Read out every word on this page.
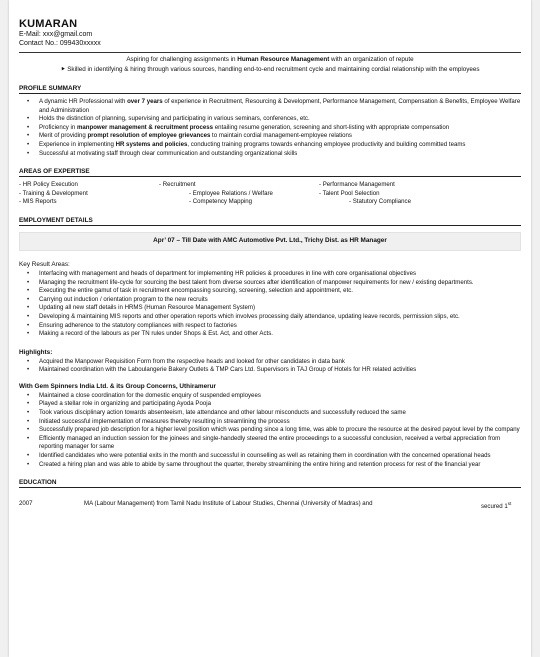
KUMARAN
E-Mail: xxx@gmail.com
Contact No.: 099430xxxxx
Aspiring for challenging assignments in Human Resource Management with an organization of repute
⯈ Skilled in identifying & hiring through various sources, handling end-to-end recruitment cycle and maintaining cordial relationship with the employees
PROFILE SUMMARY
• A dynamic HR Professional with over 7 years of experience in Recruitment, Resourcing & Development, Performance Management, Compensation & Benefits, Employee Welfare and Administration
• Holds the distinction of planning, supervising and participating in various seminars, conferences, etc.
• Proficiency in manpower management & recruitment process entailing resume generation, screening and short-listing with appropriate compensation
• Merit of providing prompt resolution of employee grievances to maintain cordial management-employee relations
• Experience in implementing HR systems and policies, conducting training programs towards enhancing employee productivity and building committed teams
• Successful at motivating staff through clear communication and outstanding organizational skills
AREAS OF EXPERTISE
- HR Policy Execution	- Recruitment	- Performance Management
- Training & Development	- Employee Relations / Welfare	- Talent Pool Selection
- MIS Reports	- Competency Mapping	- Statutory Compliance
EMPLOYMENT DETAILS
Apr’ 07 – Till Date with AMC Automotive Pvt. Ltd., Trichy Dist. as HR Manager
Key Result Areas:
• Interfacing with management and heads of department for implementing HR policies & procedures in line with core organisational objectives
• Managing the recruitment life-cycle for sourcing the best talent from diverse sources after identification of manpower requirements for new / existing departments.
• Executing the entire gamut of task in recruitment encompassing sourcing, screening, selection and appointment, etc.
• Carrying out induction / orientation program to the new recruits
• Updating all new staff details in HRMS (Human Resource Management System)
• Developing & maintaining MIS reports and other operation reports which involves processing daily attendance, updating leave records, permission slips, etc.
• Ensuring adherence to the statutory compliances with respect to factories
• Making a record of the labours as per TN rules under Shops & Est. Act, and other Acts.
Highlights:
• Acquired the Manpower Requisition Form from the respective heads and looked for other candidates in data bank
• Maintained coordination with the Laboulangerie Bakery Outlets & TMP Cars Ltd. Supervisors in TAJ Group of Hotels for HR related activities
With Gem Spinners India Ltd. & its Group Concerns, Uthiramerur
• Maintained a close coordination for the domestic enquiry of suspended employees
• Played a stellar role in organizing and participating Ayoda Pooja
• Took various disciplinary action towards absenteeism, late attendance and other labour misconducts and successfully reduced the same
• Initiated successful implementation of measures thereby resulting in streamlining the process
• Successfully prepared job description for a higher level position which was pending since a long time, was able to procure the resource at the desired payout level by the company
• Efficiently managed an induction session for the joinees and single-handedly steered the entire proceedings to a successful conclusion, received a verbal appreciation from reporting manager for same
• Identified candidates who were potential exits in the month and successful in counselling as well as retaining them in coordination with the concerned operational heads
• Created a hiring plan and was able to abide by same throughout the quarter, thereby streamlining the entire hiring and retention process for rest of the financial year
EDUCATION
2007	MA (Labour Management) from Tamil Nadu Institute of Labour Studies, Chennai (University of Madras) and	secured 1st
